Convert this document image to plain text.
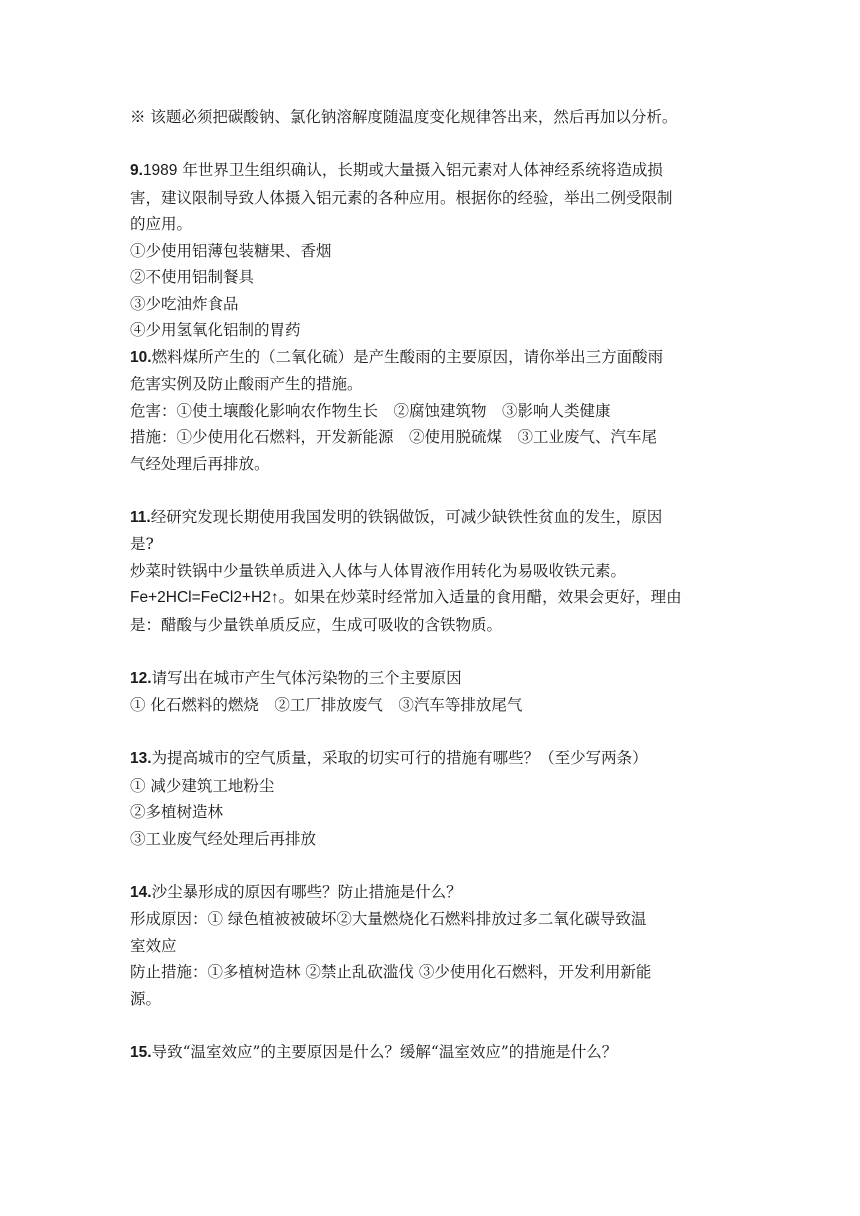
※ 该题必须把碳酸钠、氯化钠溶解度随温度变化规律答出来，然后再加以分析。

9.1989 年世界卫生组织确认，长期或大量摄入铝元素对人体神经系统将造成损

害，建议限制导致人体摄入铝元素的各种应用。根据你的经验，举出二例受限制

的应用。

①少使用铝薄包装糖果、香烟

②不使用铝制餐具

③少吃油炸食品

④少用氢氧化铝制的胃药

10.燃料煤所产生的（二氧化硫）是产生酸雨的主要原因，请你举出三方面酸雨

危害实例及防止酸雨产生的措施。

危害：①使土壤酸化影响农作物生长　②腐蚀建筑物　③影响人类健康

措施：①少使用化石燃料，开发新能源　②使用脱硫煤　③工业废气、汽车尾

气经处理后再排放。

11.经研究发现长期使用我国发明的铁锅做饭，可减少缺铁性贫血的发生，原因

是?

炒菜时铁锅中少量铁单质进入人体与人体胃液作用转化为易吸收铁元素。

Fe+2HCl=FeCl2+H2↑。如果在炒菜时经常加入适量的食用醋，效果会更好，理由

是：醋酸与少量铁单质反应，生成可吸收的含铁物质。

12.请写出在城市产生气体污染物的三个主要原因

① 化石燃料的燃烧　②工厂排放废气　③汽车等排放尾气

13.为提高城市的空气质量，采取的切实可行的措施有哪些？（至少写两条）

① 减少建筑工地粉尘

②多植树造林

③工业废气经处理后再排放

14.沙尘暴形成的原因有哪些？防止措施是什么？

形成原因：① 绿色植被被破坏②大量燃烧化石燃料排放过多二氧化碳导致温

室效应

防止措施：①多植树造林 ②禁止乱砍滥伐 ③少使用化石燃料，开发利用新能

源。

15.导致“温室效应”的主要原因是什么？缓解“温室效应”的措施是什么？
